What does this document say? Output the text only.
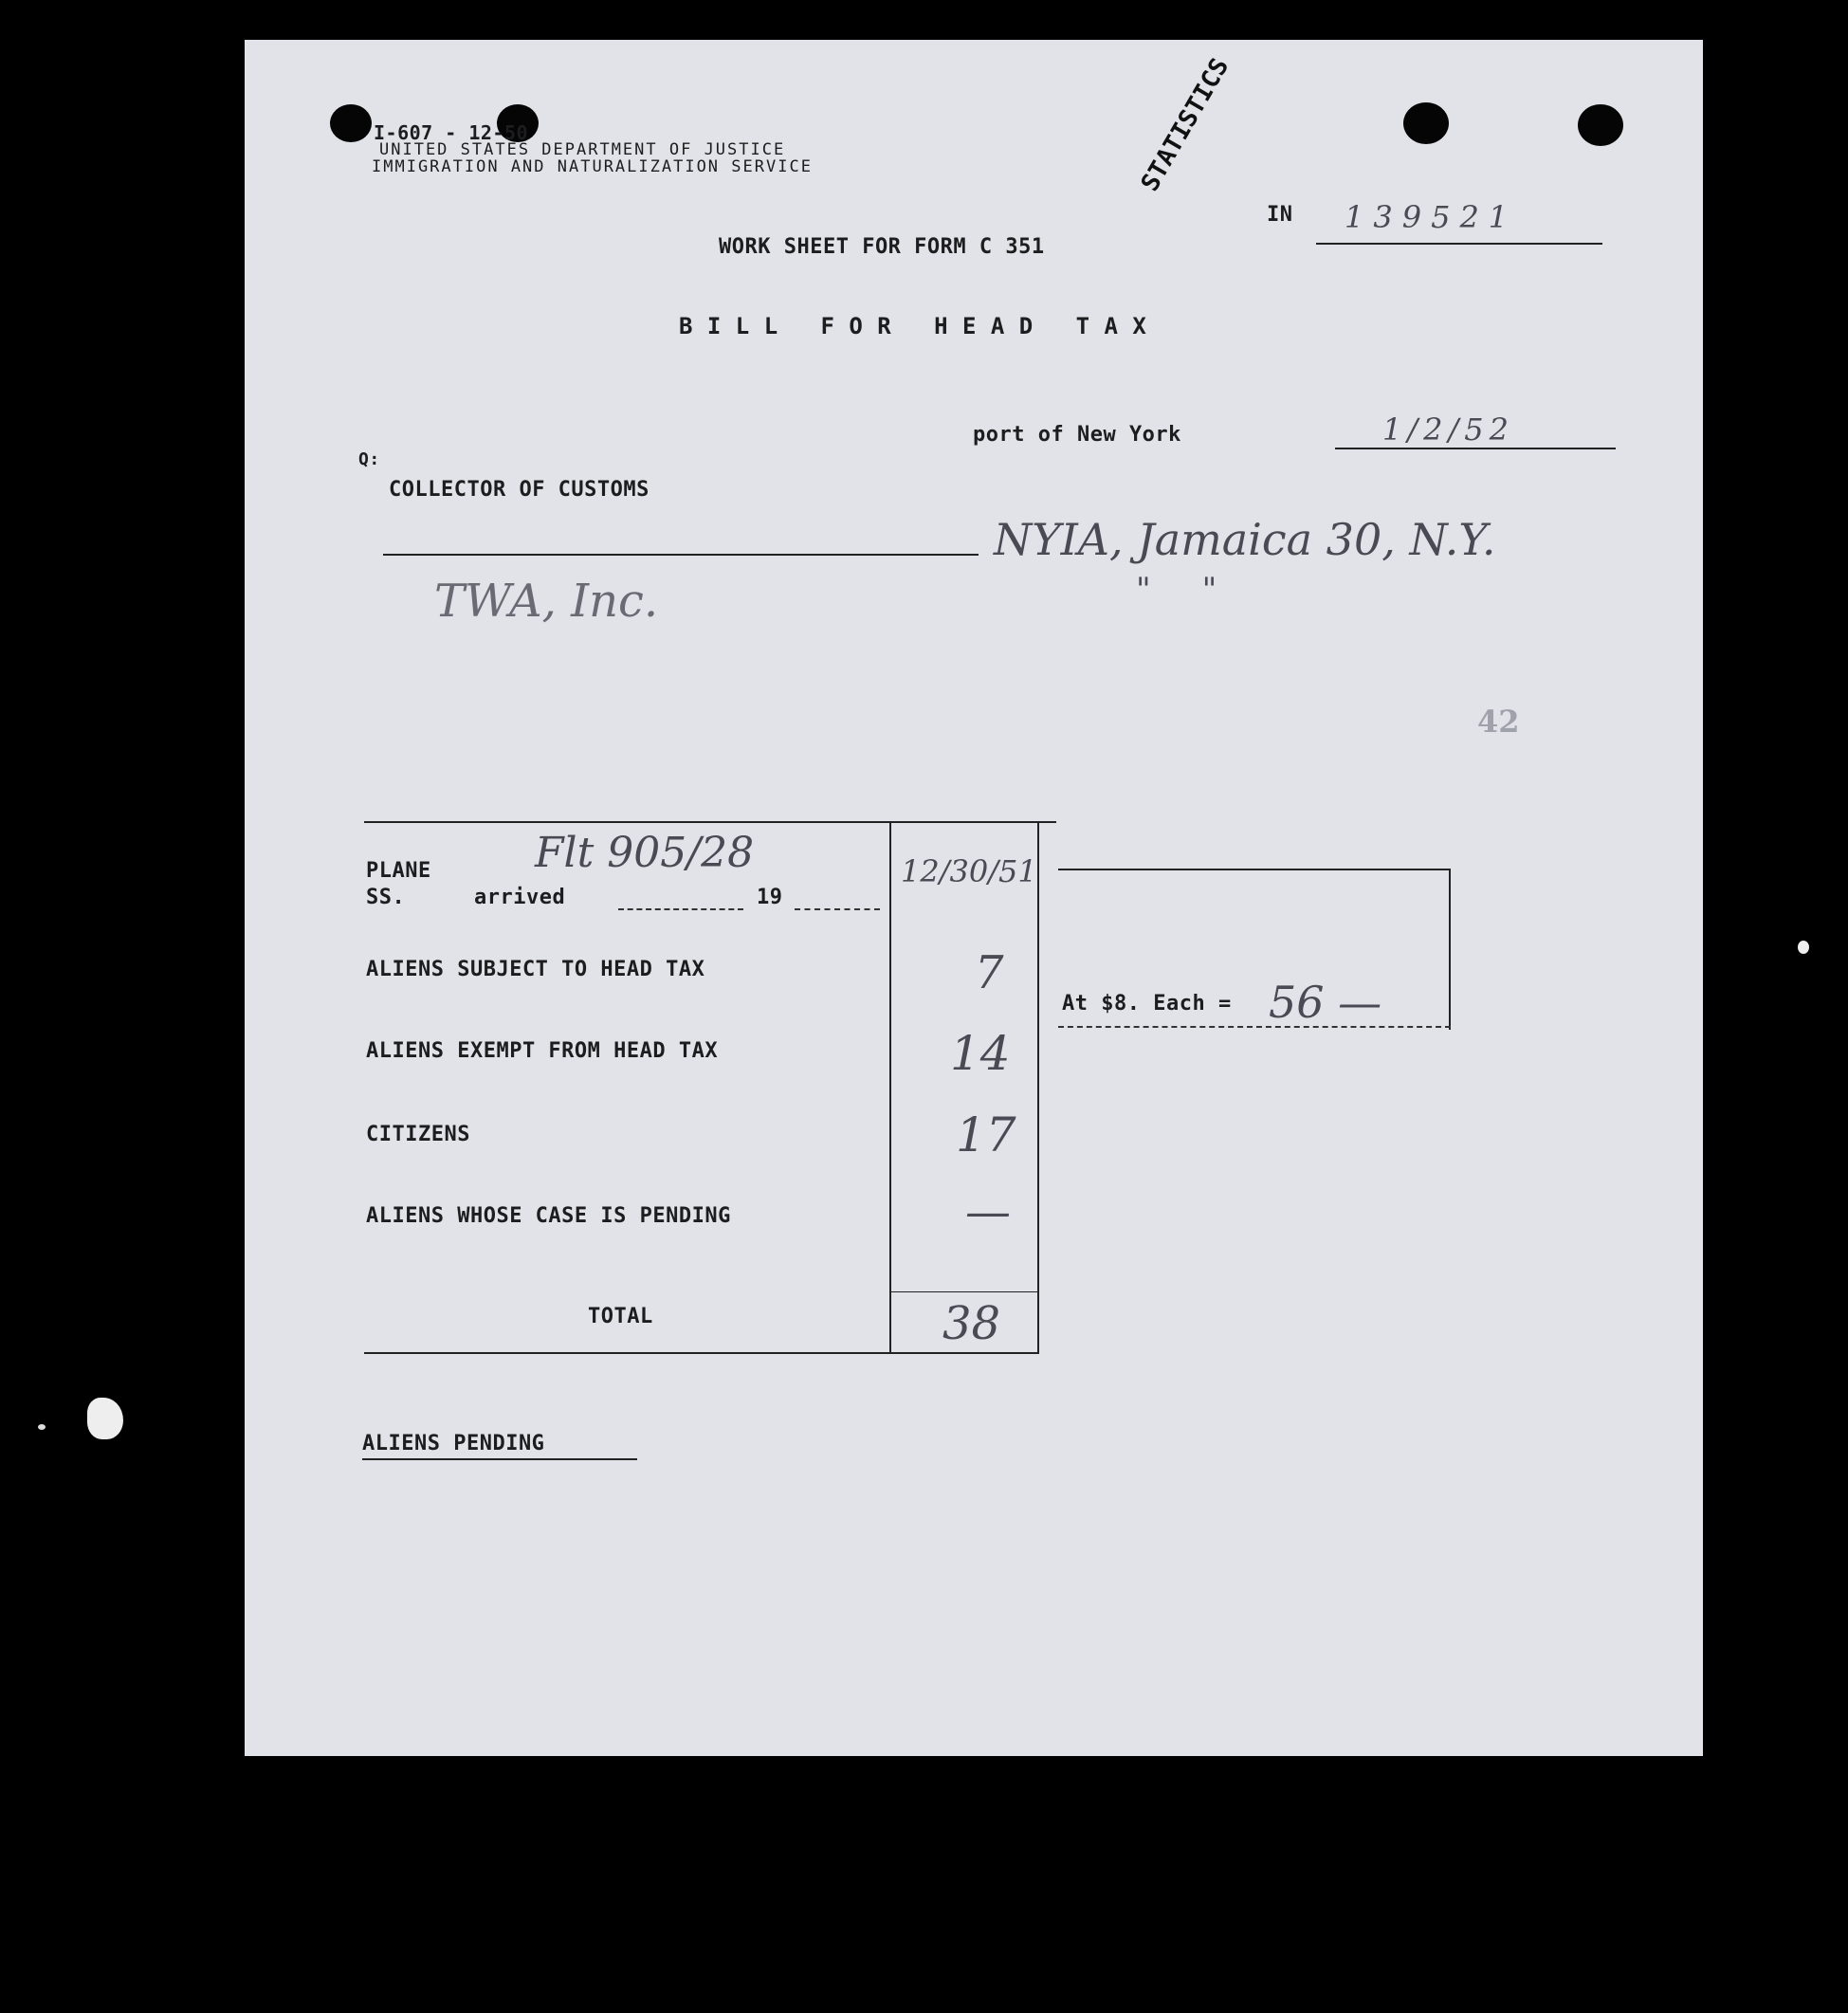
I-607 - 12-50
UNITED STATES DEPARTMENT OF JUSTICE
IMMIGRATION AND NATURALIZATION SERVICE	STATISTICS
IN 139521
WORK SHEET FOR FORM C 351
B I L L   F O R   H E A D   T A X
port of New York	1/2/52
Q:
COLLECTOR OF CUSTOMS
NYIA, Jamaica 30, N.Y.
"     "
TWA, Inc.
42
PLANE
SS.	arrived	19
Flt 905/28	12/30/51
ALIENS SUBJECT TO HEAD TAX	7
ALIENS EXEMPT FROM HEAD TAX	14
CITIZENS	17
ALIENS WHOSE CASE IS PENDING	—
TOTAL	38
At $8. Each = 56 —
ALIENS PENDING
